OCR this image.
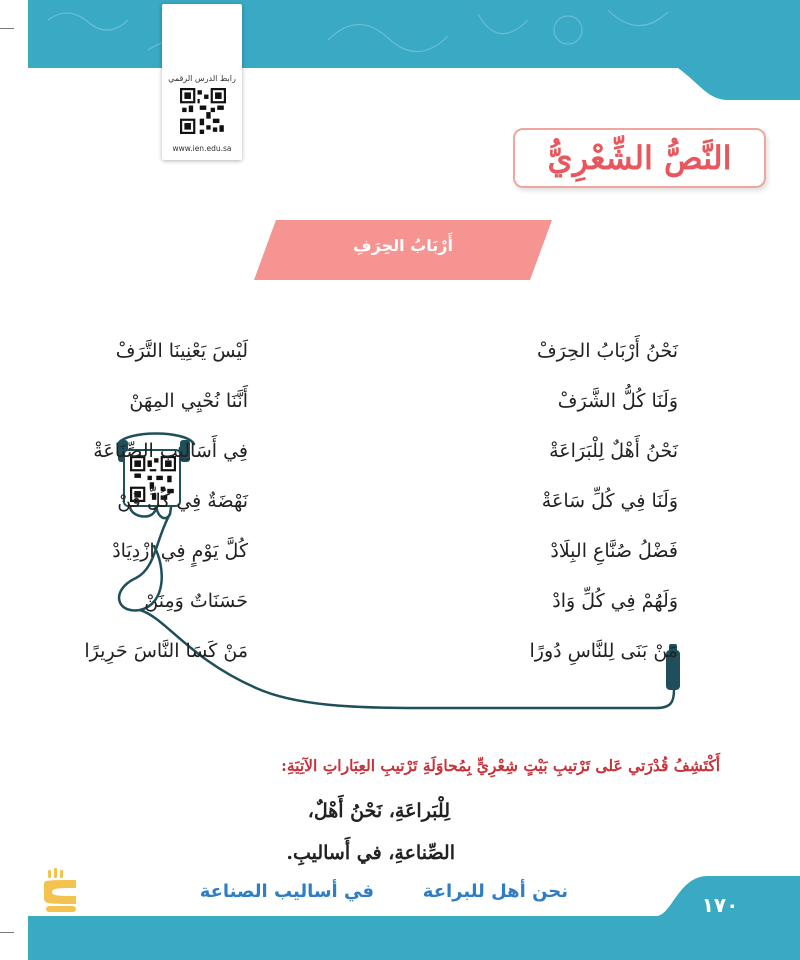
رابط الدرس الرقمي
www.ien.edu.sa	النَّصُّ الشِّعْرِيُّ
أَرْبَابُ الحِرَفِ
نَحْنُ أَرْبَابُ الحِرَفْ
وَلَنَا كُلُّ الشَّرَفْ
نَحْنُ أَهْلٌ لِلْبَرَاعَةْ
وَلَنَا فِي كُلِّ سَاعَةْ
فَضْلُ صُنَّاعِ البِلَادْ
وَلَهُمْ فِي كُلِّ وَادْ
مَنْ بَنَى لِلنَّاسِ دُورًا
لَيْسَ يَعْنِينَا التَّرَفْ
أَنَّنَا نُحْيِي المِهَنْ
فِي أَسَالِيبِ الصِّنَاعَةْ
نَهْضَةٌ فِي كُلِّ فَنْ
كُلَّ يَوْمٍ فِي ازْدِيَادْ
حَسَنَاتٌ وَمِنَنْ
مَنْ كَسَا النَّاسَ حَرِيرًا
أَكْتَشِفُ قُدْرَتي عَلى تَرْتيبِ بَيْتٍ شِعْرِيٍّ بِمُحاوَلَةِ تَرْتيبِ العِبَاراتِ الآتِيَةِ:
لِلْبَراعَةِ، نَحْنُ أَهْلٌ،
الصِّناعةِ، في أَساليبِ.
نحن أهل للبراعة
في أساليب الصناعة
١٧٠
